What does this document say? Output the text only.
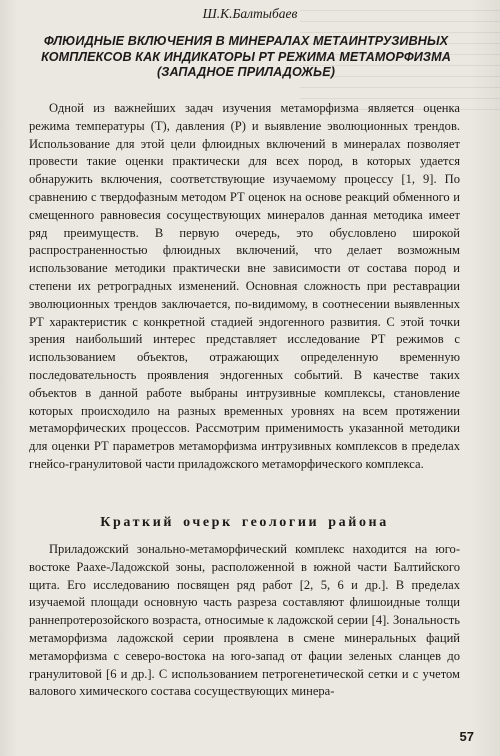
Ш.К.Балтыбаев
ФЛЮИДНЫЕ ВКЛЮЧЕНИЯ В МИНЕРАЛАХ МЕТАИНТРУЗИВНЫХ КОМПЛЕКСОВ КАК ИНДИКАТОРЫ РТ РЕЖИМА МЕТАМОРФИЗМА (ЗАПАДНОЕ ПРИЛАДОЖЬЕ)

Одной из важнейших задач изучения метаморфизма является оценка режима температуры (T), давления (P) и выявление эволюционных трендов. Использование для этой цели флюидных включений в минералах позволяет провести такие оценки практически для всех пород, в которых удается обнаружить включения, соответствующие изучаемому процессу [1, 9]. По сравнению с твердофазным методом РТ оценок на основе реакций обменного и смещенного равновесия сосуществующих минералов данная методика имеет ряд преимуществ. В первую очередь, это обусловлено широкой распространенностью флюидных включений, что делает возможным использование методики практически вне зависимости от состава пород и степени их ретроградных изменений. Основная сложность при реставрации эволюционных трендов заключается, по-видимому, в соотнесении выявленных РТ характеристик с конкретной стадией эндогенного развития. С этой точки зрения наибольший интерес представляет исследование РТ режимов с использованием объектов, отражающих определенную временную последовательность проявления эндогенных событий. В качестве таких объектов в данной работе выбраны интрузивные комплексы, становление которых происходило на разных временных уровнях на всем протяжении метаморфических процессов. Рассмотрим применимость указанной методики для оценки РТ параметров метаморфизма интрузивных комплексов в пределах гнейсо-гранулитовой части приладожского метаморфического комплекса.

Краткий очерк геологии района

Приладожский зонально-метаморфический комплекс находится на юго-востоке Раахе-Ладожской зоны, расположенной в южной части Балтийского щита. Его исследованию посвящен ряд работ [2, 5, 6 и др.]. В пределах изучаемой площади основную часть разреза составляют флишоидные толщи раннепротерозойского возраста, относимые к ладожской серии [4]. Зональность метаморфизма ладожской серии проявлена в смене минеральных фаций метаморфизма с северо-востока на юго-запад от фации зеленых сланцев до гранулитовой [6 и др.]. С использованием петрогенетической сетки и с учетом валового химического состава сосуществующих минера-

57
